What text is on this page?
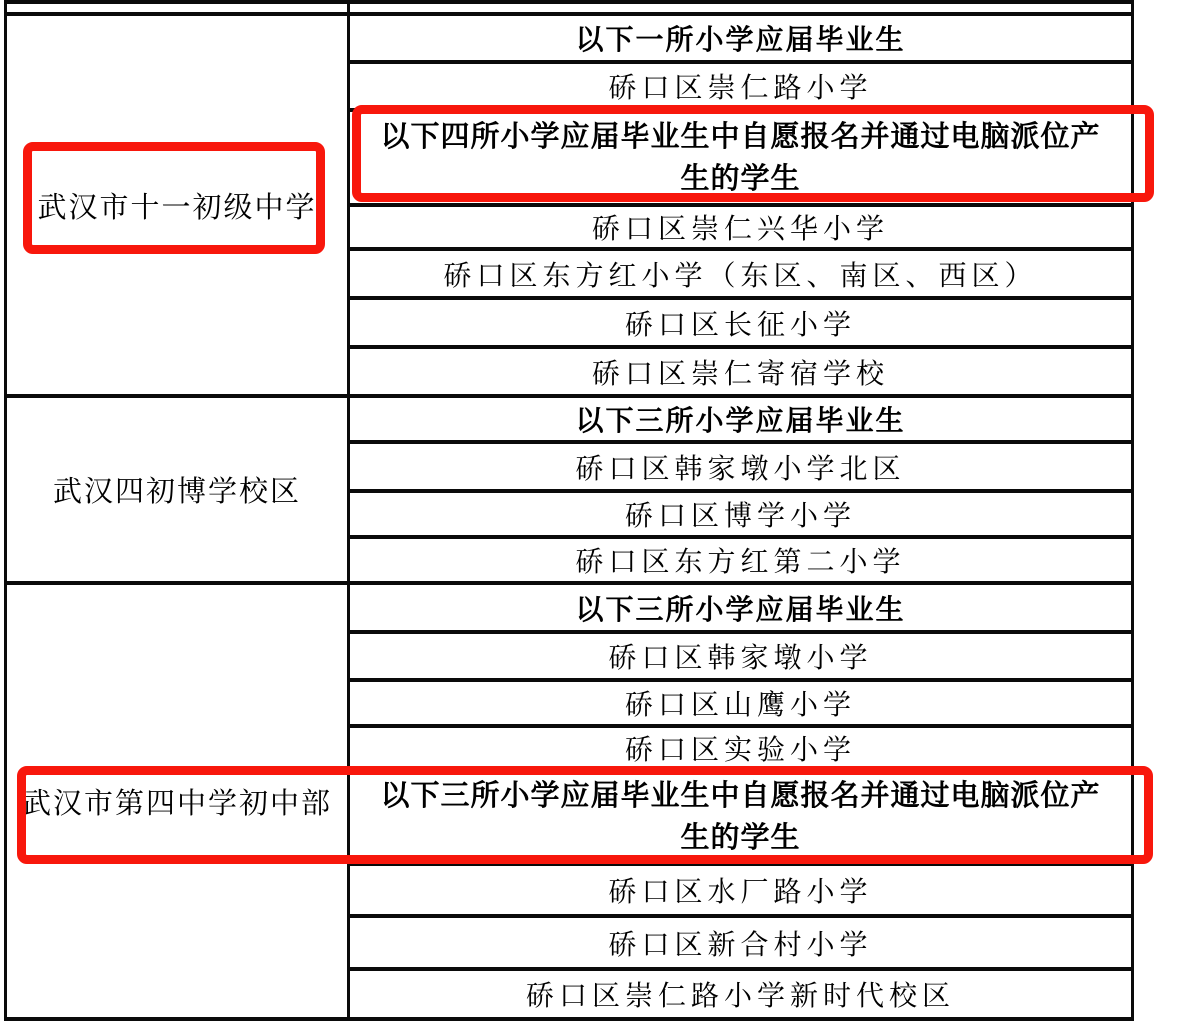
武汉市十一初级中学	以下一所小学应届毕业生
	硚口区崇仁路小学
	以下四所小学应届毕业生中自愿报名并通过电脑派位产
生的学生
	硚口区崇仁兴华小学
	硚口区东方红小学（东区、南区、西区）
	硚口区长征小学
	硚口区崇仁寄宿学校
武汉四初博学校区	以下三所小学应届毕业生
	硚口区韩家墩小学北区
	硚口区博学小学
	硚口区东方红第二小学
武汉市第四中学初中部	以下三所小学应届毕业生
	硚口区韩家墩小学
	硚口区山鹰小学
	硚口区实验小学
	以下三所小学应届毕业生中自愿报名并通过电脑派位产
生的学生
	硚口区水厂路小学
	硚口区新合村小学
	硚口区崇仁路小学新时代校区
